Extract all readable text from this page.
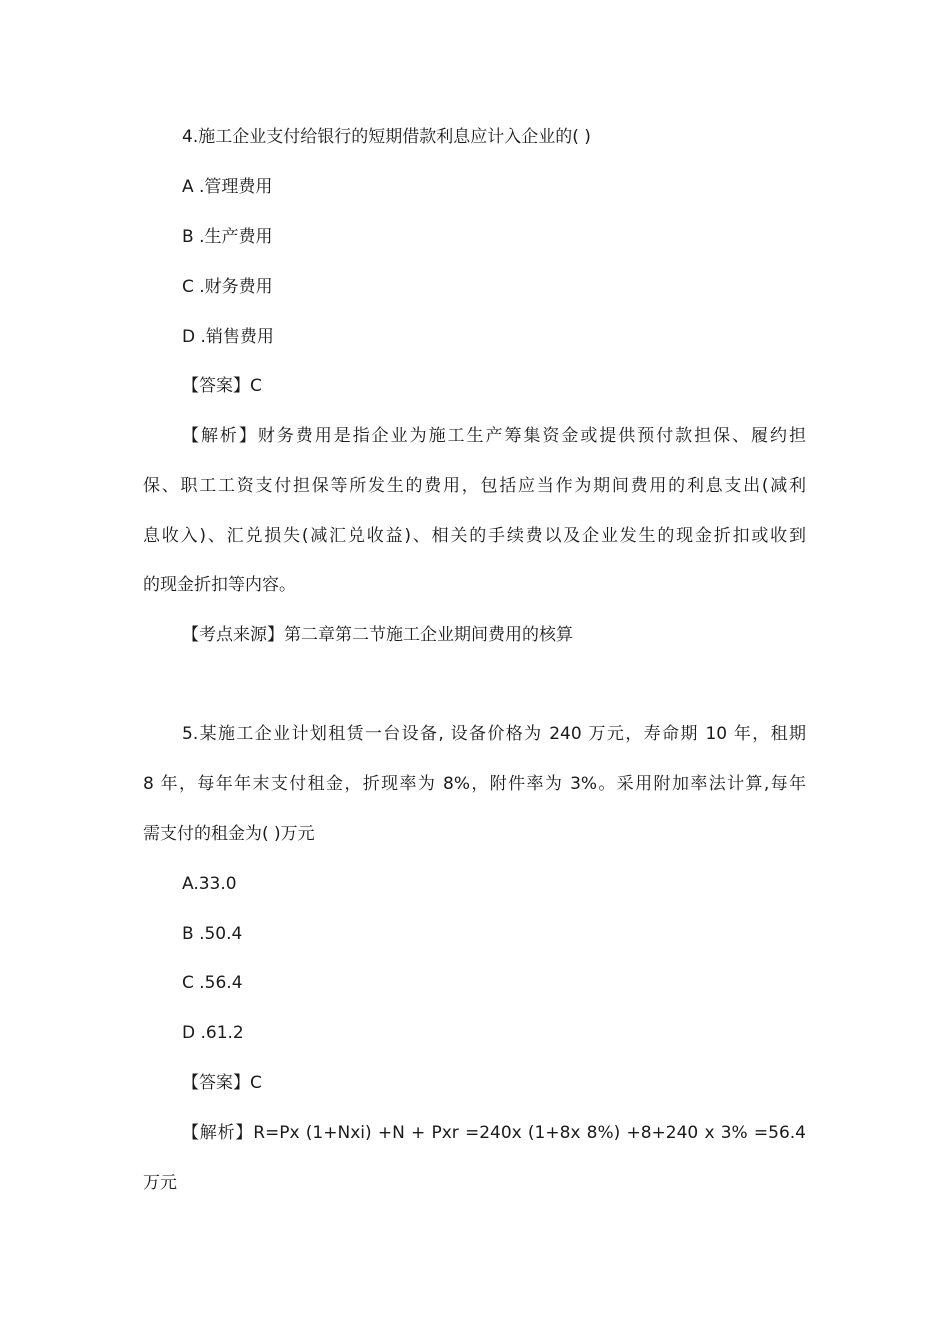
4.施工企业支付给银行的短期借款利息应计入企业的( )
A .管理费用
B .生产费用
C .财务费用
D .销售费用
【答案】C
【解析】财务费用是指企业为施工生产筹集资金或提供预付款担保、履约担
保、职工工资支付担保等所发生的费用，包括应当作为期间费用的利息支出(减利
息收入)、汇兑损失(减汇兑收益)、相关的手续费以及企业发生的现金折扣或收到
的现金折扣等内容。
【考点来源】第二章第二节施工企业期间费用的核算
5.某施工企业计划租赁一台设备, 设备价格为 240 万元，寿命期 10 年，租期
8 年，每年年末支付租金，折现率为 8%，附件率为 3%。采用附加率法计算,每年
需支付的租金为( )万元
A.33.0
B .50.4
C .56.4
D .61.2
【答案】C
【解析】R=Px (1+Nxi) +N + Pxr =240x (1+8x 8%) +8+240 x 3% =56.4
万元
